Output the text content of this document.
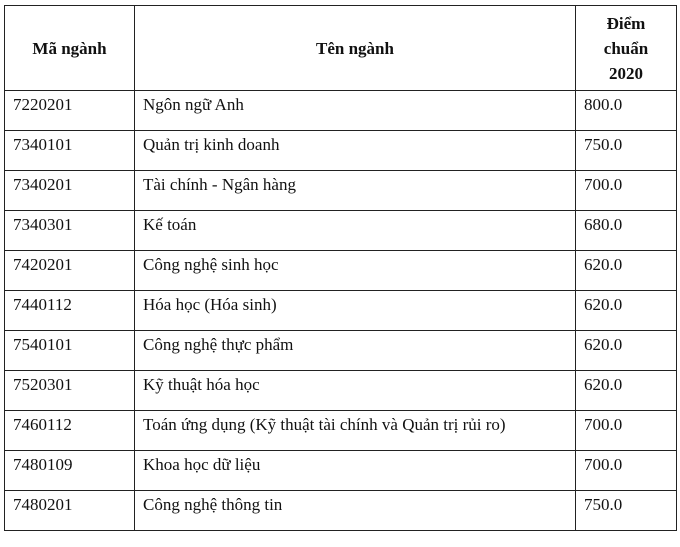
Mã ngành	Tên ngành	Điểm
chuẩn
2020
7220201	Ngôn ngữ Anh	800.0
7340101	Quản trị kinh doanh	750.0
7340201	Tài chính - Ngân hàng	700.0
7340301	Kế toán	680.0
7420201	Công nghệ sinh học	620.0
7440112	Hóa học (Hóa sinh)	620.0
7540101	Công nghệ thực phẩm	620.0
7520301	Kỹ thuật hóa học	620.0
7460112	Toán ứng dụng (Kỹ thuật tài chính và Quản trị rủi ro)	700.0
7480109	Khoa học dữ liệu	700.0
7480201	Công nghệ thông tin	750.0
